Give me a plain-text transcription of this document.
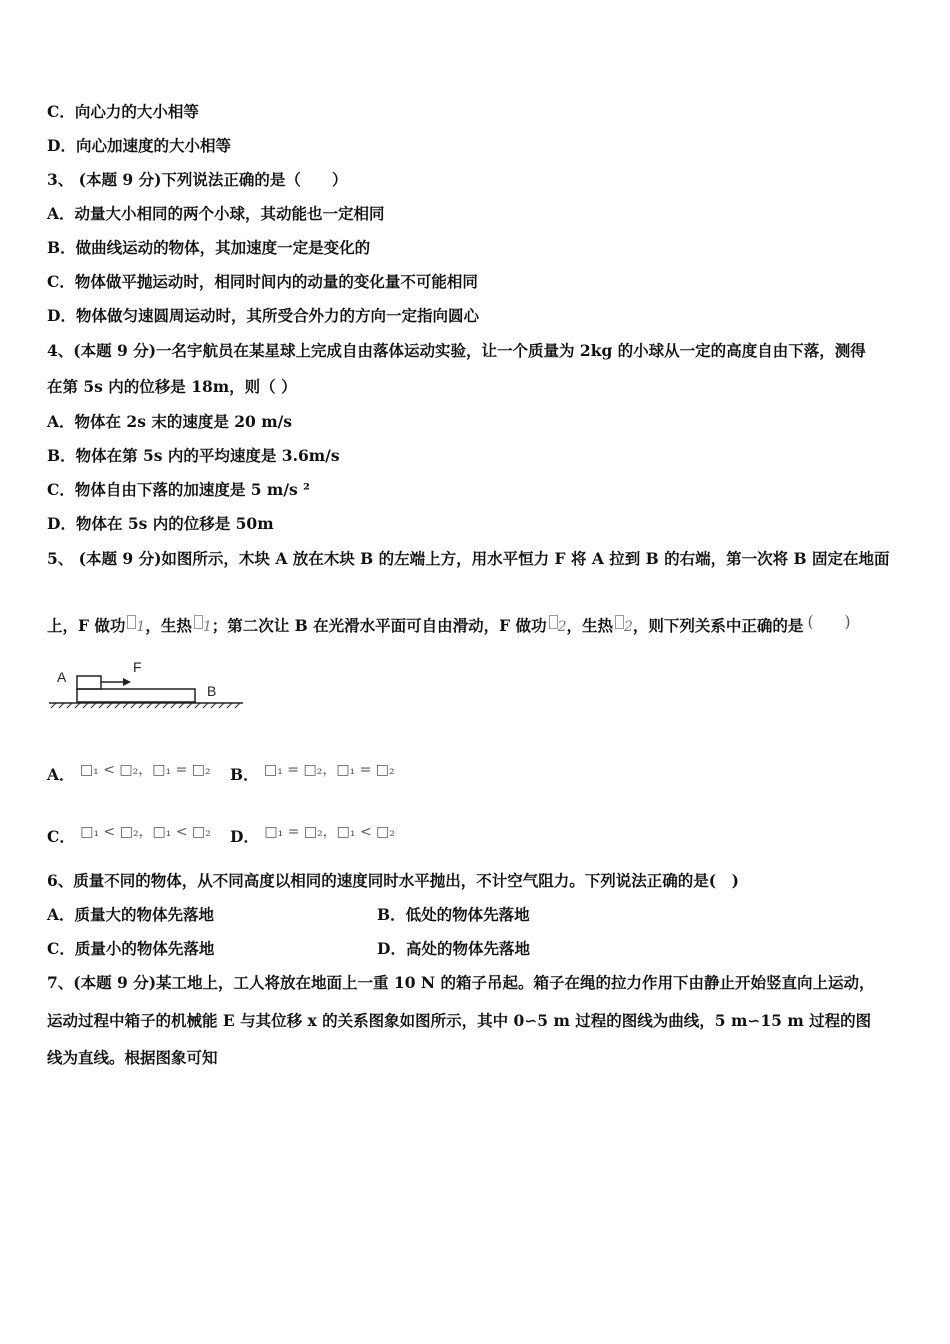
C．向心力的大小相等
D．向心加速度的大小相等
3、 (本题 9 分)下列说法正确的是（　　）
A．动量大小相同的两个小球，其动能也一定相同
B．做曲线运动的物体，其加速度一定是变化的
C．物体做平抛运动时，相同时间内的动量的变化量不可能相同
D．物体做匀速圆周运动时，其所受合外力的方向一定指向圆心
4、(本题 9 分)一名宇航员在某星球上完成自由落体运动实验，让一个质量为 2kg 的小球从一定的高度自由下落，测得
在第 5s 内的位移是 18m，则（ ）
A．物体在 2s 末的速度是 20 m/s
B．物体在第 5s 内的平均速度是 3.6m/s
C．物体自由下落的加速度是 5 m/s ²
D．物体在 5s 内的位移是 50m
5、 (本题 9 分)如图所示，木块 A 放在木块 B 的左端上方，用水平恒力 F 将 A 拉到 B 的右端，第一次将 B 固定在地面
上，F 做功 1，生热 1；第二次让 B 在光滑水平面可自由滑动，F 做功 2，生热 2，则下列关系中正确的是 (　　)
A
F
B
A． □₁ < □₂，□₁ = □₂ B． □₁ = □₂，□₁ = □₂
C． □₁ < □₂，□₁ < □₂ D． □₁ = □₂，□₁ < □₂
6、质量不同的物体，从不同高度以相同的速度同时水平抛出，不计空气阻力。下列说法正确的是(　)
A．质量大的物体先落地	B．低处的物体先落地
C．质量小的物体先落地	D．高处的物体先落地
7、(本题 9 分)某工地上，工人将放在地面上一重 10 N 的箱子吊起。箱子在绳的拉力作用下由静止开始竖直向上运动，
运动过程中箱子的机械能 E 与其位移 x 的关系图象如图所示，其中 0∽5 m 过程的图线为曲线，5 m∽15 m 过程的图
线为直线。根据图象可知
